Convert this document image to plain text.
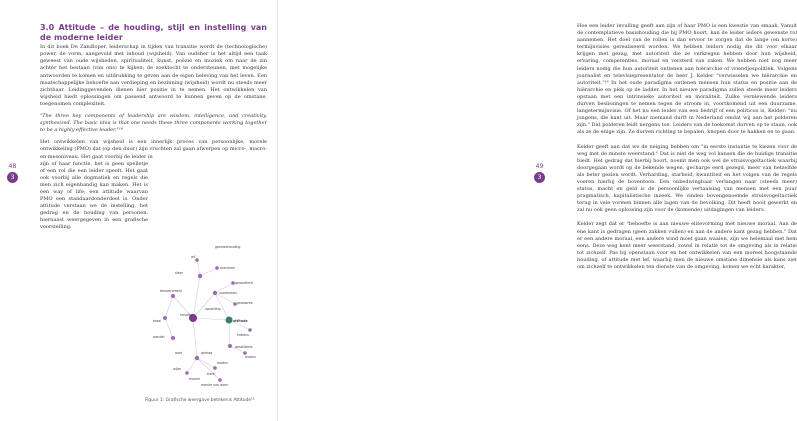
48
3
3.0 Attitude – de houding, stijl en instelling van de moderne leider

In dit boek De Zandloper, leiderschap in tijden van transitie wordt de (technologische) power, de vorm, aangevuld met inhoud (wijsheid). Van oudsher is het altijd een taak geweest van oude wijsheden, spiritualiteit, kunst, poëzie en muziek om naar de zin achter het bestaan (van ons) te kijken; de zoektocht te ondersteunen, met mogelijke antwoorden te komen en uitdrukking te geven aan de eigen beleving van het leven. Een maatschappelijke behoefte aan verdieping en bezinning (wijsheid) wordt nu steeds meer zichtbaar. Leidinggevenden dienen hier positie in te nemen. Het ontwikkelen van wijsheid biedt oplossingen om passend antwoord te kunnen geven op de omstane, toegenomen complexiteit.

"The three key components of leadership are wisdom, intelligence, and creativity, synthesized. The basic idea is that one needs these three components working together to be a highly effective leader."¹⁴

Het ontwikkelen van wijsheid is een innerlijk proces van persoonlijke, morele ontwikkeling (PMO) dat (op den duur) zijn vruchten zal gaan afwerpen op micro-, macro- en mesoniveau. Het gaat voorbij de leider in

zijn of haar functie, het is geen spelletje of een rol die een leider speelt. Het gaat ook voorbij alle dogmatiek en regels die men zich eigenhandig kan maken. Het is een way of life; een attitude waarvan PMO een standaardonderdeel is. Onder attitude verstaan we de instelling, het gedrag en de houding van personen, hiernaast weergegeven in een grafische voorstelling:

geesteshouding
wil
manieren
geaardheid
sfeer
voorkomen
houding
temperament
opstelling
attitude
habitus
gesteltenis
wandel
draai
aard	gedrag
gewoonte
modus
modus
wijze
trant
manier
manier van doen
Figuur 1: Grafische weergave betekenis Attitude¹⁵

Hoe een leider invulling geeft aan zijn of haar PMO is een kwestie van smaak. Vanuit de contemplatieve basishouding die bij PMO hoort, kan de leider iedere gewenste rol aannemen. Het doel van de rollen is dan ervoor te zorgen dat de lange (en korte) termijnvisies gerealiseerd worden. We hebben leiders nodig die dit voor elkaar krijgen met gezag, met autoriteit die ze verkregen hebben door hun wijsheid, ervaring, competenties, moraal en versterd van zaken. We hebben niet nog meer leiders nodig die hun autoriteit ontlenen aan hiërarchie of vriendjespolitiek. Volgens journalist en televisiepresentator de heer J. Kelder "verwisselen we hiërarchie en autoriteit."¹⁶ In het oude paradigma ontlenen mensen hun status en positie aan de hiërarchie en plek op de ladder. In het nieuwe paradigma zullen steeds meer leiders opstaan met een intrinsieke autoriteit en moraliteit. Zulke verniewende leiders durven beslissingen te nemen tegen de stroom in, voortkomend uit een duurzame, langetermijnvisie. Of het nu een leider van een bedrijf of een politicus is, Kelder: "nu jongens, die kant uit. Maar niemand durft in Nederland omdat wij aan het polderen zijn." Dat polderen leidt nergens toe. Leiders van de toekomst durven op te staan, ook als ze de enige zijn. Ze durven richting te bepalen, knopen door te hakken en te gaan.

Kelder geeft aan dat we de neiging hebben om "in eerste instantie te kiezen voor de weg met de minste weerstand." Dat is niet de weg vol kansen die de huidige transitie biedt. Het gedrag dat hierbij hoort, noemt men ook wel de struisvogeltactiek waarbij doorgegaan wordt op de bekende wegen, gecharge eerd gezegd, meer van hetzelfde als beter gezien wordt. Verharding, starheid, kwantiteit en het volgen van de regels voeren hierbij de boventoon. Een onbedwingbaar verlangen naar (steeds meer) status, macht en geld is de persoonlijke vertaalslag van mensen met een puur pragmatisch, kapitalistische inzeek. We vinden bovengenoemde struisvogeltactiek terug in vele vormen binnen alle lagen van de bevolking. Dit heeft nooit gewerkt en zal nu ook geen oplossing zijn voor de (komende) uitdagingen van leiders.

Kelder zegt dat er "behoefte is aan nieuwe elitevorming met nieuwe moraal. Aan de ene kant is gedragen (geen zakken vullen) en aan de andere kant gezag hebben." Dat er een andere moraal, een andere wind moet gaan waaien, zijn we helemaal met hem eens. Deze weg kent meer weerstand, zowel in relatie tot de omgeving als in relatie tot zichzelf. Pas bij openstaan voor en het ontwikkelen van een moreel hoogstaande houding, of attitude met lef, waarbij men de nieuwe omstane dimensie als kans ziet om zichzelf te ontwikkelen ten dienste van de omgeving, komen we echt karakter,

49
3
